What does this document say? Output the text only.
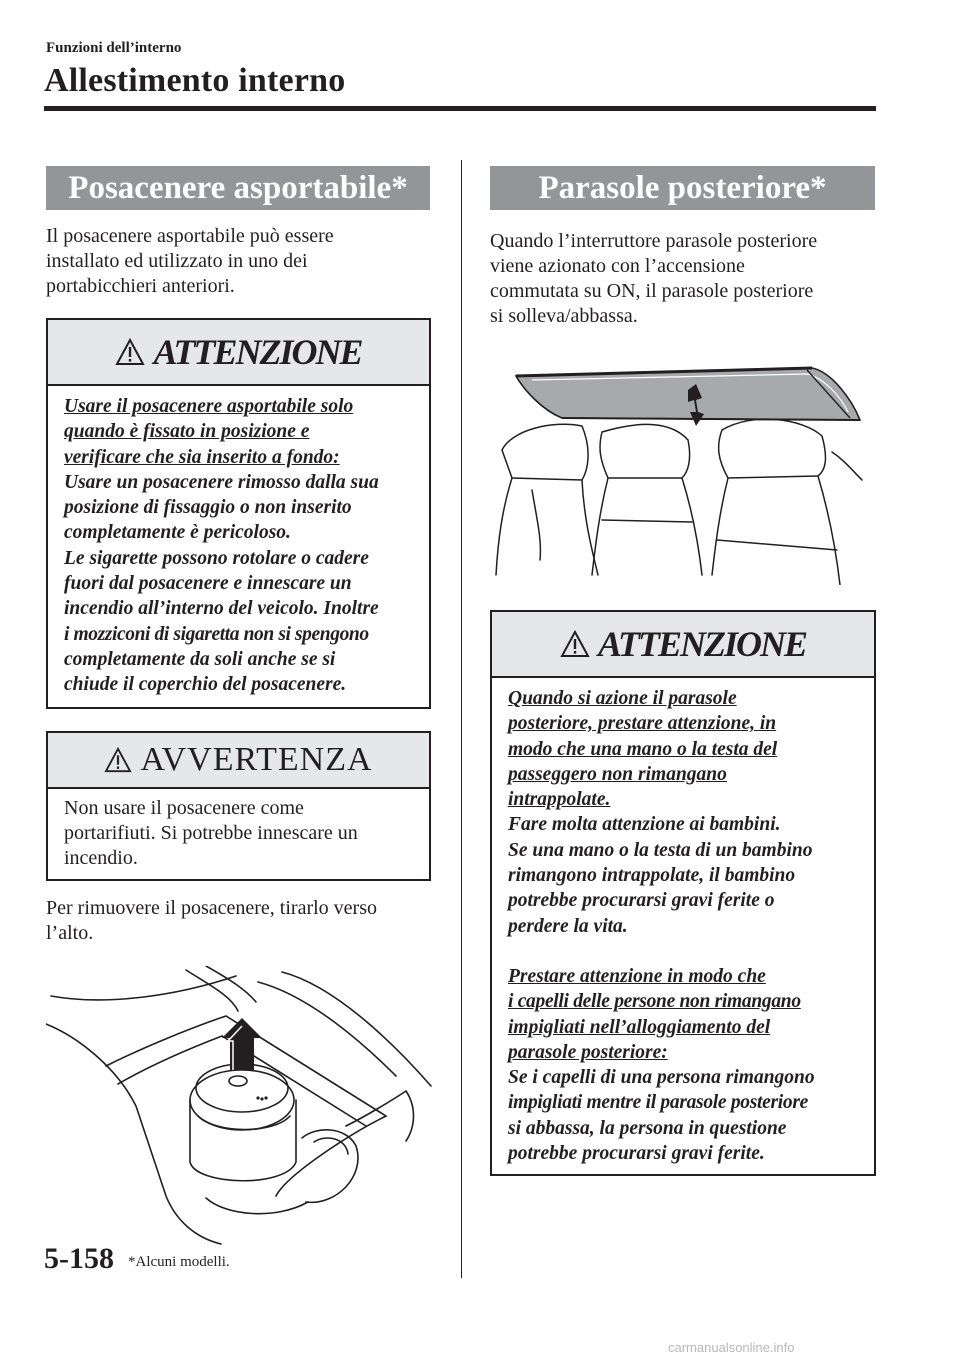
Funzioni dell’interno
Allestimento interno
Posacenere asportabile*
Il posacenere asportabile può essere
installato ed utilizzato in uno dei
portabicchieri anteriori.
ATTENZIONE
Usare il posacenere asportabile solo
quando è fissato in posizione e
verificare che sia inserito a fondo:
Usare un posacenere rimosso dalla sua
posizione di fissaggio o non inserito
completamente è pericoloso.
Le sigarette possono rotolare o cadere
fuori dal posacenere e innescare un
incendio all’interno del veicolo. Inoltre
i mozziconi di sigaretta non si spengono
completamente da soli anche se si
chiude il coperchio del posacenere.
AVVERTENZA
Non usare il posacenere come
portarifiuti. Si potrebbe innescare un
incendio.
Per rimuovere il posacenere, tirarlo verso
l’alto.
Parasole posteriore*
Quando l’interruttore parasole posteriore
viene azionato con l’accensione
commutata su ON, il parasole posteriore
si solleva/abbassa.
ATTENZIONE
Quando si azione il parasole
posteriore, prestare attenzione, in
modo che una mano o la testa del
passeggero non rimangano
intrappolate.
Fare molta attenzione ai bambini.
Se una mano o la testa di un bambino
rimangono intrappolate, il bambino
potrebbe procurarsi gravi ferite o
perdere la vita.
Prestare attenzione in modo che
i capelli delle persone non rimangano
impigliati nell’alloggiamento del
parasole posteriore:
Se i capelli di una persona rimangono
impigliati mentre il parasole posteriore
si abbassa, la persona in questione
potrebbe procurarsi gravi ferite.
5-158 *Alcuni modelli.
carmanualsonline.info
